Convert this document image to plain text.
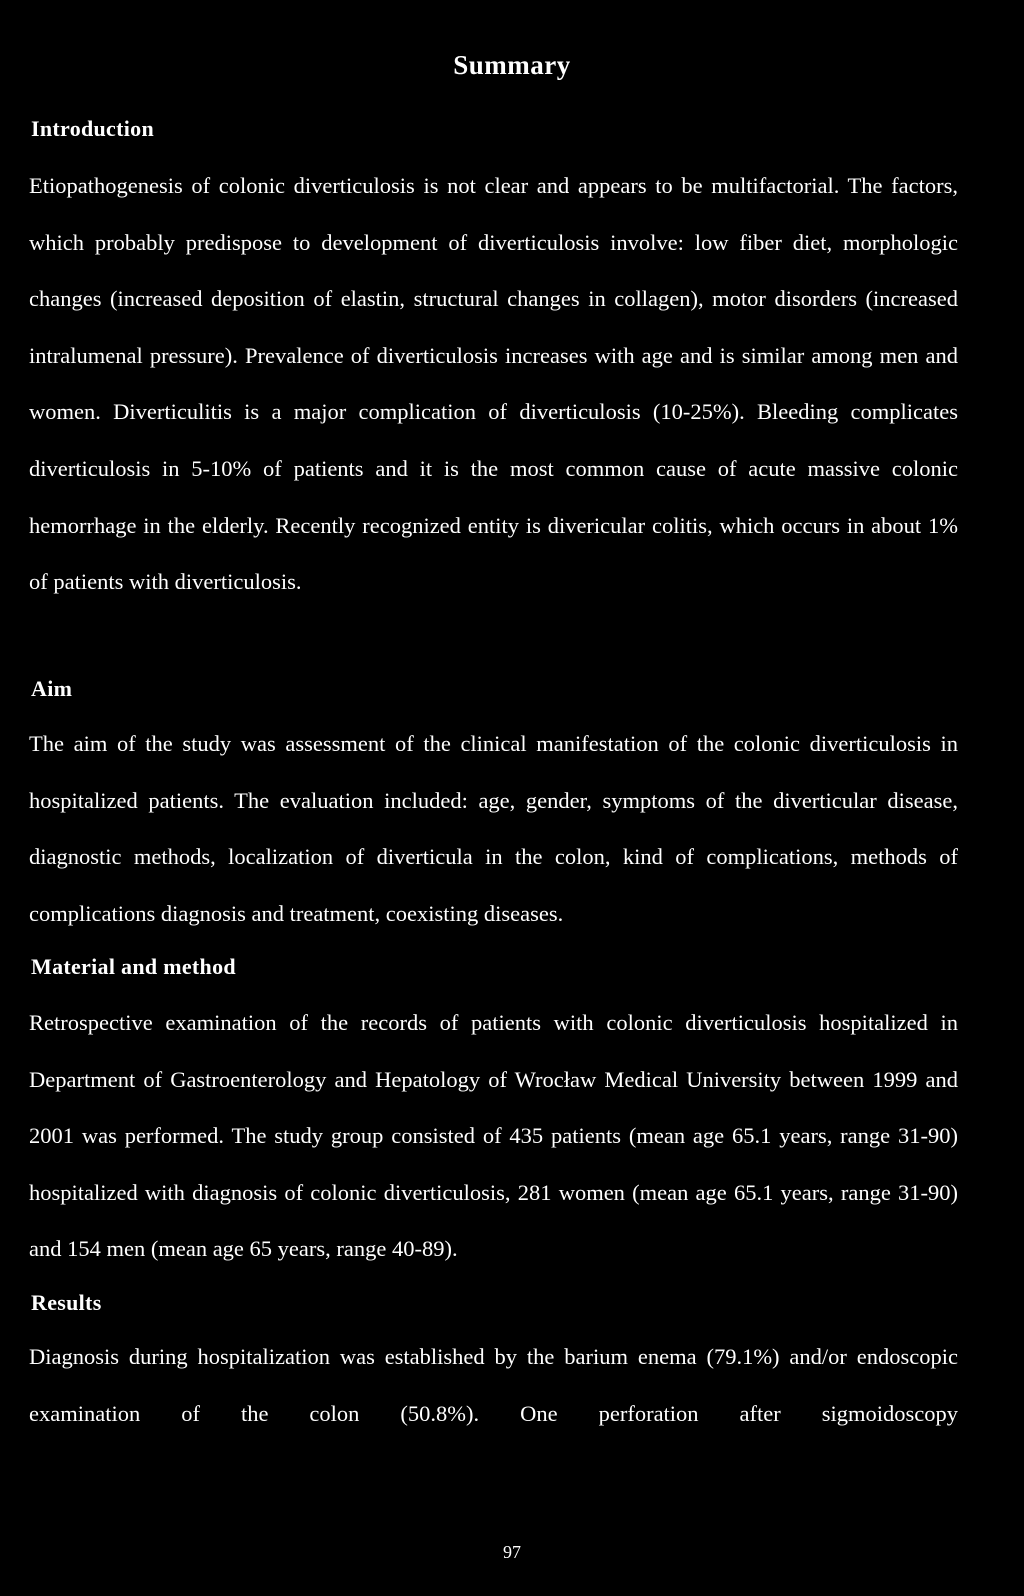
Summary
Introduction

Etiopathogenesis of colonic diverticulosis is not clear and appears to be multifactorial. The factors, which probably predispose to development of diverticulosis involve: low fiber diet, morphologic changes (increased deposition of elastin, structural changes in collagen), motor disorders (increased intralumenal pressure). Prevalence of diverticulosis increases with age and is similar among men and women. Diverticulitis is a major complication of diverticulosis (10-25%). Bleeding complicates diverticulosis in 5-10% of patients and it is the most common cause of acute massive colonic hemorrhage in the elderly. Recently recognized entity is divericular colitis, which occurs in about 1% of patients with diverticulosis.

Aim

The aim of the study was assessment of the clinical manifestation of the colonic diverticulosis in hospitalized patients. The evaluation included: age, gender, symptoms of the diverticular disease, diagnostic methods, localization of diverticula in the colon, kind of complications, methods of complications diagnosis and treatment, coexisting diseases.

Material and method

Retrospective examination of the records of patients with colonic diverticulosis hospitalized in Department of Gastroenterology and Hepatology of Wrocław Medical University between 1999 and 2001 was performed. The study group consisted of 435 patients (mean age 65.1 years, range 31-90) hospitalized with diagnosis of colonic diverticulosis, 281 women (mean age 65.1 years, range 31-90) and 154 men (mean age 65 years, range 40-89).

Results

Diagnosis during hospitalization was established by the barium enema (79.1%) and/or endoscopic examination of the colon (50.8%). One perforation after sigmoidoscopy

97
